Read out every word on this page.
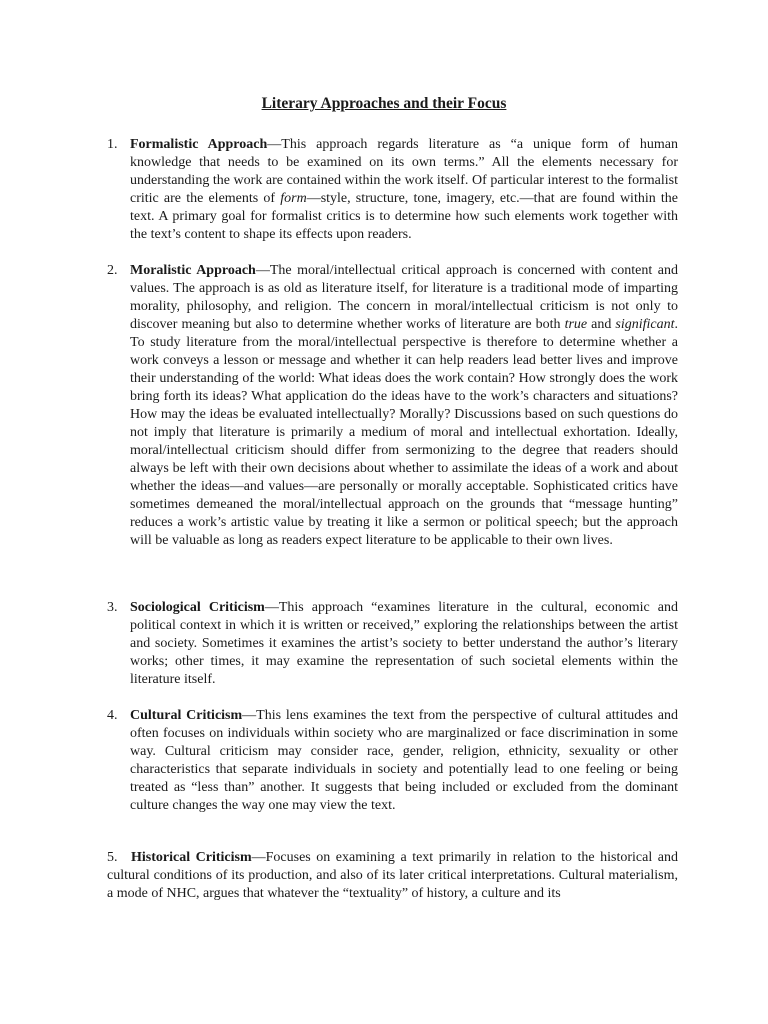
Literary Approaches and their Focus
1. Formalistic Approach—This approach regards literature as “a unique form of human knowledge that needs to be examined on its own terms.” All the elements necessary for understanding the work are contained within the work itself. Of particular interest to the formalist critic are the elements of form—style, structure, tone, imagery, etc.—that are found within the text. A primary goal for formalist critics is to determine how such elements work together with the text’s content to shape its effects upon readers.
2. Moralistic Approach—The moral/intellectual critical approach is concerned with content and values. The approach is as old as literature itself, for literature is a traditional mode of imparting morality, philosophy, and religion. The concern in moral/intellectual criticism is not only to discover meaning but also to determine whether works of literature are both true and significant. To study literature from the moral/intellectual perspective is therefore to determine whether a work conveys a lesson or message and whether it can help readers lead better lives and improve their understanding of the world: What ideas does the work contain? How strongly does the work bring forth its ideas? What application do the ideas have to the work’s characters and situations? How may the ideas be evaluated intellectually? Morally? Discussions based on such questions do not imply that literature is primarily a medium of moral and intellectual exhortation. Ideally, moral/intellectual criticism should differ from sermonizing to the degree that readers should always be left with their own decisions about whether to assimilate the ideas of a work and about whether the ideas—and values—are personally or morally acceptable. Sophisticated critics have sometimes demeaned the moral/intellectual approach on the grounds that “message hunting” reduces a work’s artistic value by treating it like a sermon or political speech; but the approach will be valuable as long as readers expect literature to be applicable to their own lives.
3. Sociological Criticism—This approach “examines literature in the cultural, economic and political context in which it is written or received,” exploring the relationships between the artist and society. Sometimes it examines the artist’s society to better understand the author’s literary works; other times, it may examine the representation of such societal elements within the literature itself.
4. Cultural Criticism—This lens examines the text from the perspective of cultural attitudes and often focuses on individuals within society who are marginalized or face discrimination in some way. Cultural criticism may consider race, gender, religion, ethnicity, sexuality or other characteristics that separate individuals in society and potentially lead to one feeling or being treated as “less than” another. It suggests that being included or excluded from the dominant culture changes the way one may view the text.
5. Historical Criticism—Focuses on examining a text primarily in relation to the historical and cultural conditions of its production, and also of its later critical interpretations. Cultural materialism, a mode of NHC, argues that whatever the “textuality” of history, a culture and its
